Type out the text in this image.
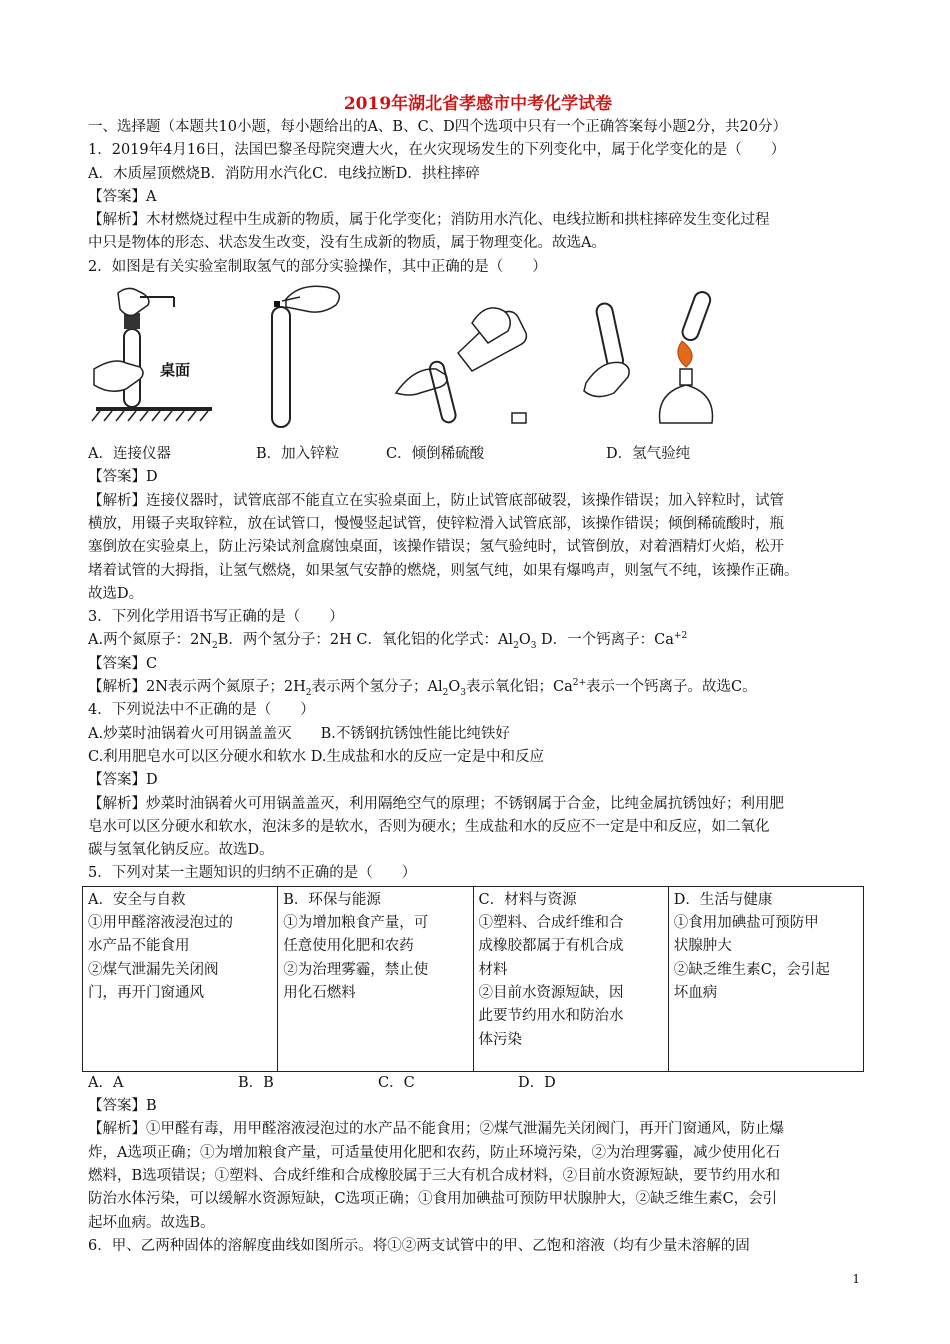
2019年湖北省孝感市中考化学试卷
一、选择题（本题共10小题，每小题给出的A、B、C、D四个选项中只有一个正确答案每小题2分，共20分）
1．2019年4月16日，法国巴黎圣母院突遭大火，在火灾现场发生的下列变化中，属于化学变化的是（　　）
A．木质屋顶燃烧B．消防用水汽化C．电线拉断D．拱柱摔碎
【答案】A
【解析】木材燃烧过程中生成新的物质，属于化学变化；消防用水汽化、电线拉断和拱柱摔碎发生变化过程
中只是物体的形态、状态发生改变，没有生成新的物质，属于物理变化。故选A。
2．如图是有关实验室制取氢气的部分实验操作，其中正确的是（　　）
桌面
A．连接仪器	B．加入锌粒	C．倾倒稀硫酸	D．氢气验纯
【答案】D
【解析】连接仪器时，试管底部不能直立在实验桌面上，防止试管底部破裂，该操作错误；加入锌粒时，试管
横放，用镊子夹取锌粒，放在试管口，慢慢竖起试管，使锌粒滑入试管底部，该操作错误；倾倒稀硫酸时，瓶
塞倒放在实验桌上，防止污染试剂盒腐蚀桌面，该操作错误；氢气验纯时，试管倒放，对着酒精灯火焰，松开
堵着试管的大拇指，让氢气燃烧，如果氢气安静的燃烧，则氢气纯，如果有爆鸣声，则氢气不纯，该操作正确。
故选D。
3．下列化学用语书写正确的是（　　）
A.两个氮原子：$2N_2B$．两个氢分子：2H C．氧化铝的化学式：$Al_2O_3$ D．一个钙离子：$Ca^{+2}$
【答案】C
【解析】2N表示两个氮原子；$2H_2$表示两个氢分子；$Al_2O_3$表示氧化铝；$Ca^{2+}$表示一个钙离子。故选C。
4．下列说法中不正确的是（　　）
A.炒菜时油锅着火可用锅盖盖灭　　B.不锈钢抗锈蚀性能比纯铁好
C.利用肥皂水可以区分硬水和软水 D.生成盐和水的反应一定是中和反应
【答案】D
【解析】炒菜时油锅着火可用锅盖盖灭，利用隔绝空气的原理；不锈钢属于合金，比纯金属抗锈蚀好；利用肥
皂水可以区分硬水和软水，泡沫多的是软水，否则为硬水；生成盐和水的反应不一定是中和反应，如二氧化
碳与氢氧化钠反应。故选D。
5．下列对某一主题知识的归纳不正确的是（　　）
A．安全与自救
①用甲醛溶液浸泡过的
水产品不能食用
②煤气泄漏先关闭阀
门，再开门窗通风

B．环保与能源
①为增加粮食产量，可
任意使用化肥和农药
②为治理雾霾，禁止使
用化石燃料

C．材料与资源
①塑料、合成纤维和合
成橡胶都属于有机合成
材料
②目前水资源短缺，因
此要节约用水和防治水
体污染

D．生活与健康
①食用加碘盐可预防甲
状腺肿大
②缺乏维生素C，会引起
坏血病
A．A	B．B	C．C	D．D
【答案】B
【解析】①甲醛有毒，用甲醛溶液浸泡过的水产品不能食用；②煤气泄漏先关闭阀门，再开门窗通风，防止爆
炸，A选项正确；①为增加粮食产量，可适量使用化肥和农药，防止环境污染，②为治理雾霾，减少使用化石
燃料，B选项错误；①塑料、合成纤维和合成橡胶属于三大有机合成材料，②目前水资源短缺，要节约用水和
防治水体污染，可以缓解水资源短缺，C选项正确；①食用加碘盐可预防甲状腺肿大，②缺乏维生素C，会引
起坏血病。故选B。
6．甲、乙两种固体的溶解度曲线如图所示。将①②两支试管中的甲、乙饱和溶液（均有少量未溶解的固
1
